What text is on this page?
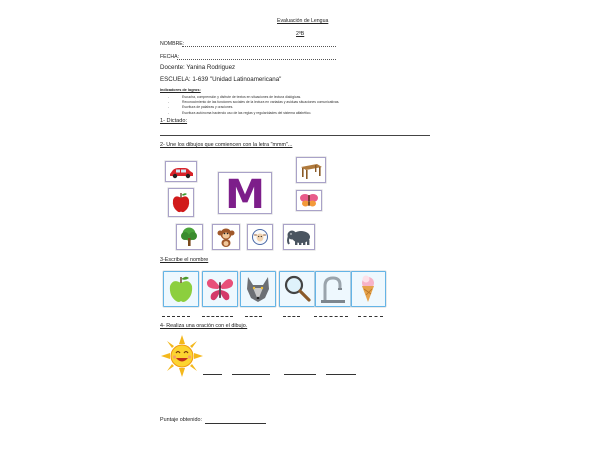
Evaluación de Lengua
2ºB
NOMBRE:
FECHA:
Docente: Yanina Rodriguez
ESCUELA: 1-639 "Unidad Latinoamericana"
Indicadores de logros:
- Escucha, comprensión y disfrute de textos en situaciones de lectura dialógicas.
- Reconocimiento de las funciones sociales de la lectura en variadas y asiduas situaciones comunicativas.
- Escritura de palabras y oraciones.
- Escritura autónoma haciendo uso de las reglas y regularidades del sistema alfabético.
1- Dictado:
2- Une los dibujos que comiencen con la letra "mmm"...
M
3-Escribe el nombre
4- Realiza una oración con el dibujo.
Puntaje obtenido:
